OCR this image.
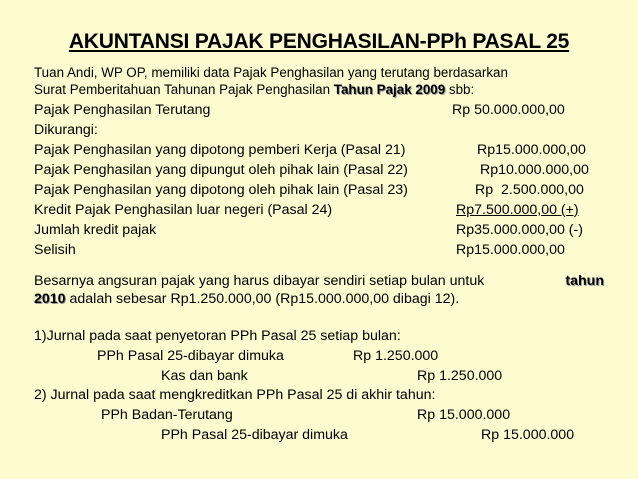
AKUNTANSI PAJAK PENGHASILAN-PPh PASAL 25
Tuan Andi, WP OP, memiliki data Pajak Penghasilan yang terutang berdasarkan
Surat Pemberitahuan Tahunan Pajak Penghasilan Tahun Pajak 2009 sbb:
Pajak Penghasilan Terutang	Rp 50.000.000,00
Dikurangi:
Pajak Penghasilan yang dipotong pemberi Kerja (Pasal 21)	Rp15.000.000,00
Pajak Penghasilan yang dipungut oleh pihak lain (Pasal 22)	Rp10.000.000,00
Pajak Penghasilan yang dipotong oleh pihak lain (Pasal 23)	Rp  2.500.000,00
Kredit Pajak Penghasilan luar negeri (Pasal 24)	Rp7.500.000,00 (+)
Jumlah kredit pajak	Rp35.000.000,00 (-)
Selisih	Rp15.000.000,00
Besarnya angsuran pajak yang harus dibayar sendiri setiap bulan untuk	tahun
2010 adalah sebesar Rp1.250.000,00 (Rp15.000.000,00 dibagi 12).
1)Jurnal pada saat penyetoran PPh Pasal 25 setiap bulan:
PPh Pasal 25-dibayar dimuka	Rp 1.250.000
Kas dan bank	Rp 1.250.000
2) Jurnal pada saat mengkreditkan PPh Pasal 25 di akhir tahun:
PPh Badan-Terutang	Rp 15.000.000
PPh Pasal 25-dibayar dimuka	Rp 15.000.000
